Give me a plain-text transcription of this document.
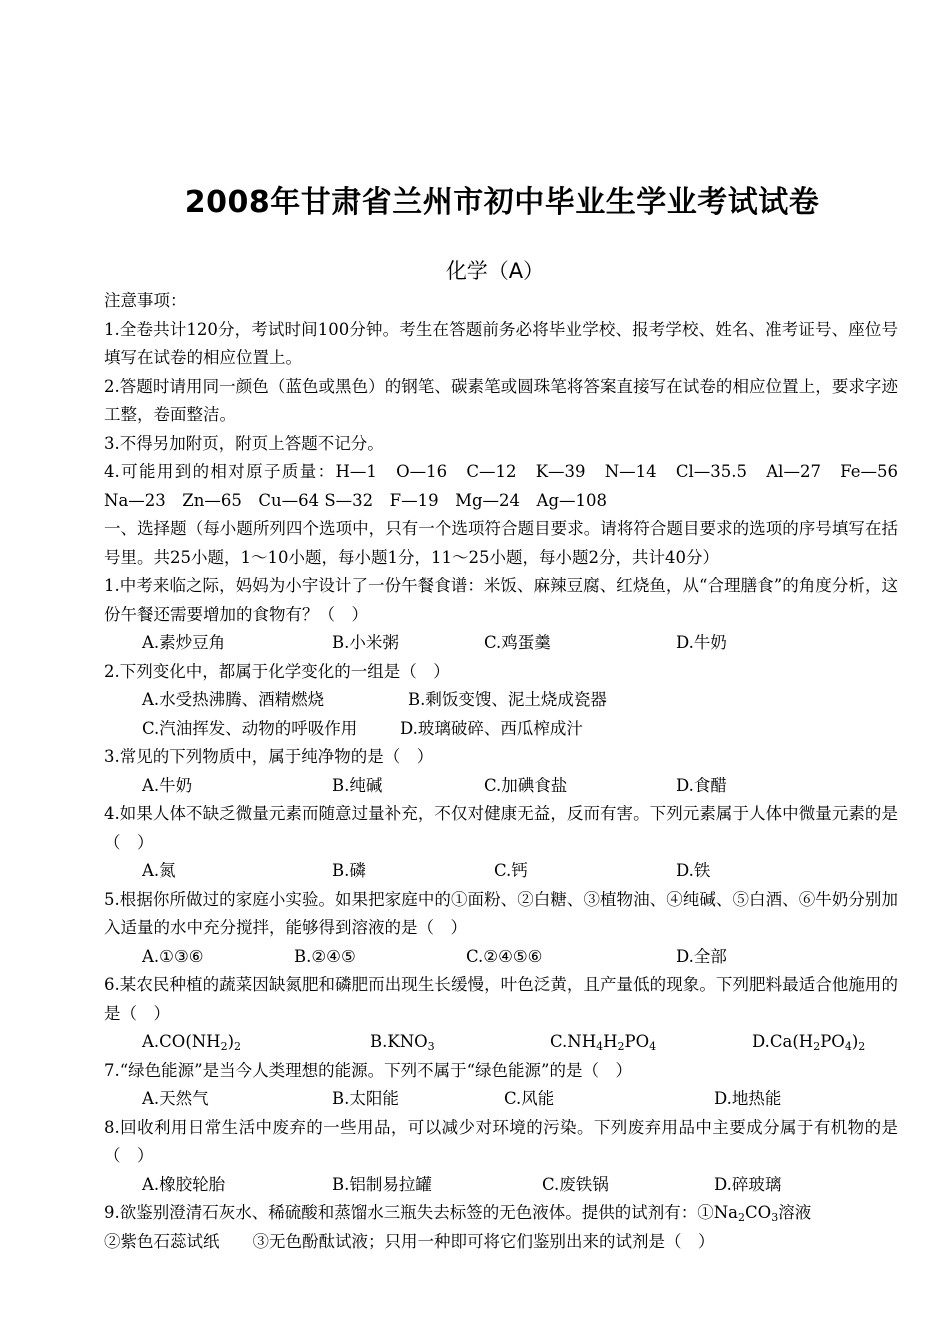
2008年甘肃省兰州市初中毕业生学业考试试卷
化学（A）

注意事项：

1.全卷共计120分，考试时间100分钟。考生在答题前务必将毕业学校、报考学校、姓名、准考证号、座位号填写在试卷的相应位置上。

2.答题时请用同一颜色（蓝色或黑色）的钢笔、碳素笔或圆珠笔将答案直接写在试卷的相应位置上，要求字迹工整，卷面整洁。

3.不得另加附页，附页上答题不记分。

4.可能用到的相对原子质量：H—1　O—16　C—12　K—39　N—14　Cl—35.5　Al—27　Fe—56　Na—23　Zn—65　Cu—64 S—32　F—19　Mg—24　Ag—108

一、选择题（每小题所列四个选项中，只有一个选项符合题目要求。请将符合题目要求的选项的序号填写在括号里。共25小题，1～10小题，每小题1分，11～25小题，每小题2分，共计40分）

1.中考来临之际，妈妈为小宇设计了一份午餐食谱：米饭、麻辣豆腐、红烧鱼，从“合理膳食”的角度分析，这份午餐还需要增加的食物有？（　）

A.素炒豆角	B.小米粥	C.鸡蛋羹	D.牛奶

2.下列变化中，都属于化学变化的一组是（　）

A.水受热沸腾、酒精燃烧	B.剩饭变馊、泥土烧成瓷器
C.汽油挥发、动物的呼吸作用	D.玻璃破碎、西瓜榨成汁

3.常见的下列物质中，属于纯净物的是（　）

A.牛奶	B.纯碱	C.加碘食盐	D.食醋

4.如果人体不缺乏微量元素而随意过量补充，不仅对健康无益，反而有害。下列元素属于人体中微量元素的是（　）

A.氮	B.磷	C.钙	D.铁

5.根据你所做过的家庭小实验。如果把家庭中的①面粉、②白糖、③植物油、④纯碱、⑤白酒、⑥牛奶分别加入适量的水中充分搅拌，能够得到溶液的是（　）

A.①③⑥	B.②④⑤	C.②④⑤⑥	D.全部

6.某农民种植的蔬菜因缺氮肥和磷肥而出现生长缓慢，叶色泛黄，且产量低的现象。下列肥料最适合他施用的是（　）

$A.CO(NH_2)_2$	$B.KNO_3$	$C.NH_4H_2PO_4$	$D.Ca(H_2PO_4)_2$

7.“绿色能源”是当今人类理想的能源。下列不属于“绿色能源”的是（　）

A.天然气	B.太阳能	C.风能	D.地热能

8.回收利用日常生活中废弃的一些用品，可以减少对环境的污染。下列废弃用品中主要成分属于有机物的是（　）

A.橡胶轮胎	B.铝制易拉罐	C.废铁锅	D.碎玻璃

9.欲鉴别澄清石灰水、稀硫酸和蒸馏水三瓶失去标签的无色液体。提供的试剂有：$①Na_2CO_3$溶液

②紫色石蕊试纸　　③无色酚酞试液；只用一种即可将它们鉴别出来的试剂是（　）
